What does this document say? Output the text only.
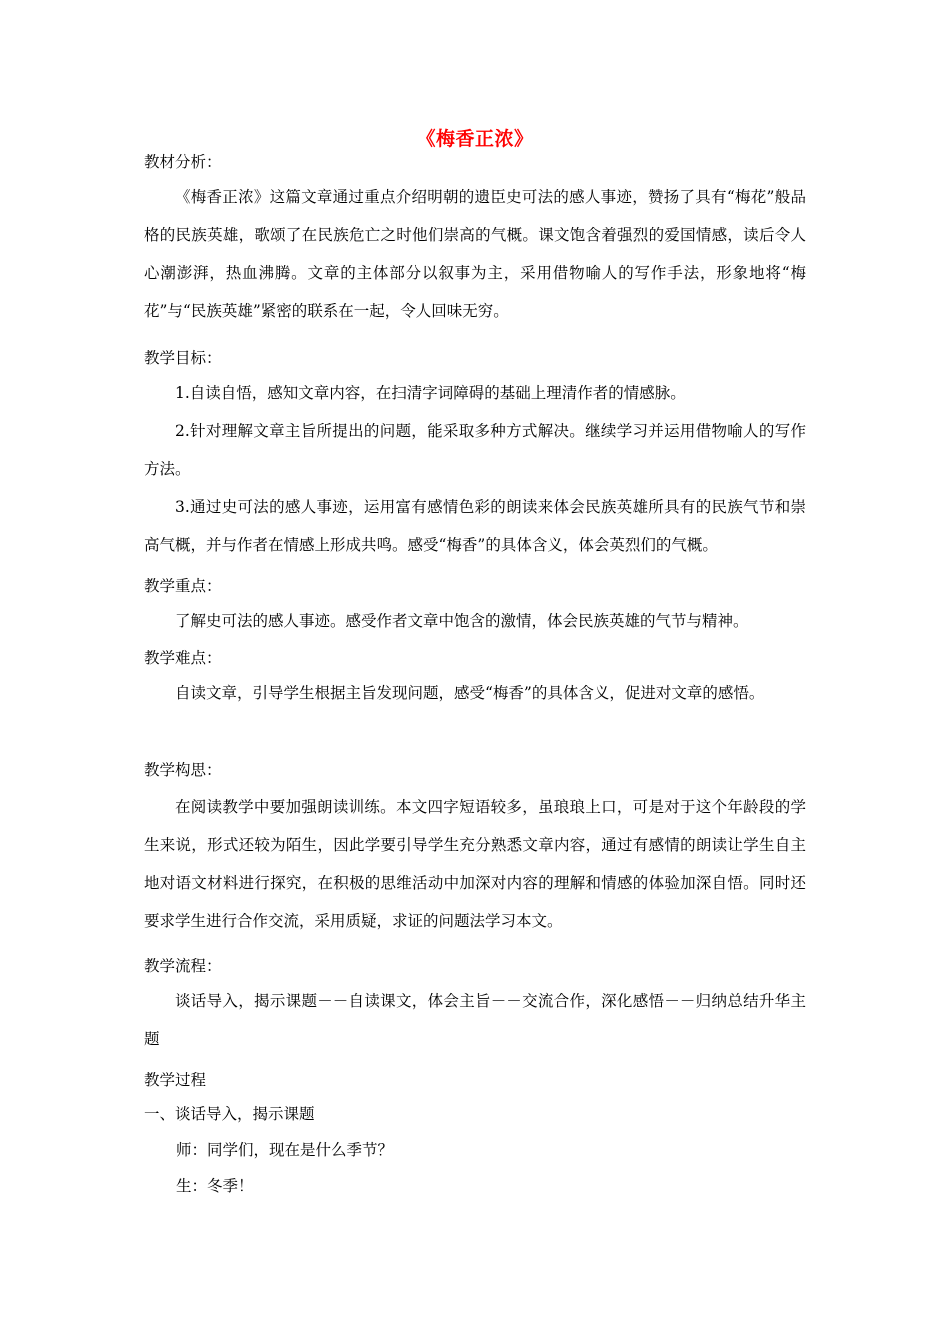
《梅香正浓》
教材分析：

《梅香正浓》这篇文章通过重点介绍明朝的遗臣史可法的感人事迹，赞扬了具有“梅花”般品格的民族英雄，歌颂了在民族危亡之时他们崇高的气概。课文饱含着强烈的爱国情感，读后令人心潮澎湃，热血沸腾。文章的主体部分以叙事为主，采用借物喻人的写作手法，形象地将“梅花”与“民族英雄”紧密的联系在一起，令人回味无穷。

教学目标：

1.自读自悟，感知文章内容，在扫清字词障碍的基础上理清作者的情感脉。

2.针对理解文章主旨所提出的问题，能采取多种方式解决。继续学习并运用借物喻人的写作方法。

3.通过史可法的感人事迹，运用富有感情色彩的朗读来体会民族英雄所具有的民族气节和崇高气概，并与作者在情感上形成共鸣。感受“梅香”的具体含义，体会英烈们的气概。

教学重点：

了解史可法的感人事迹。感受作者文章中饱含的激情，体会民族英雄的气节与精神。

教学难点：

自读文章，引导学生根据主旨发现问题，感受“梅香”的具体含义，促进对文章的感悟。

教学构思：

在阅读教学中要加强朗读训练。本文四字短语较多，虽琅琅上口，可是对于这个年龄段的学生来说，形式还较为陌生，因此学要引导学生充分熟悉文章内容，通过有感情的朗读让学生自主地对语文材料进行探究，在积极的思维活动中加深对内容的理解和情感的体验加深自悟。同时还要求学生进行合作交流，采用质疑，求证的问题法学习本文。

教学流程：

谈话导入，揭示课题－－自读课文，体会主旨－－交流合作，深化感悟－－归纳总结升华主题

教学过程
一、谈话导入，揭示课题
师：同学们，现在是什么季节？
生：冬季！
